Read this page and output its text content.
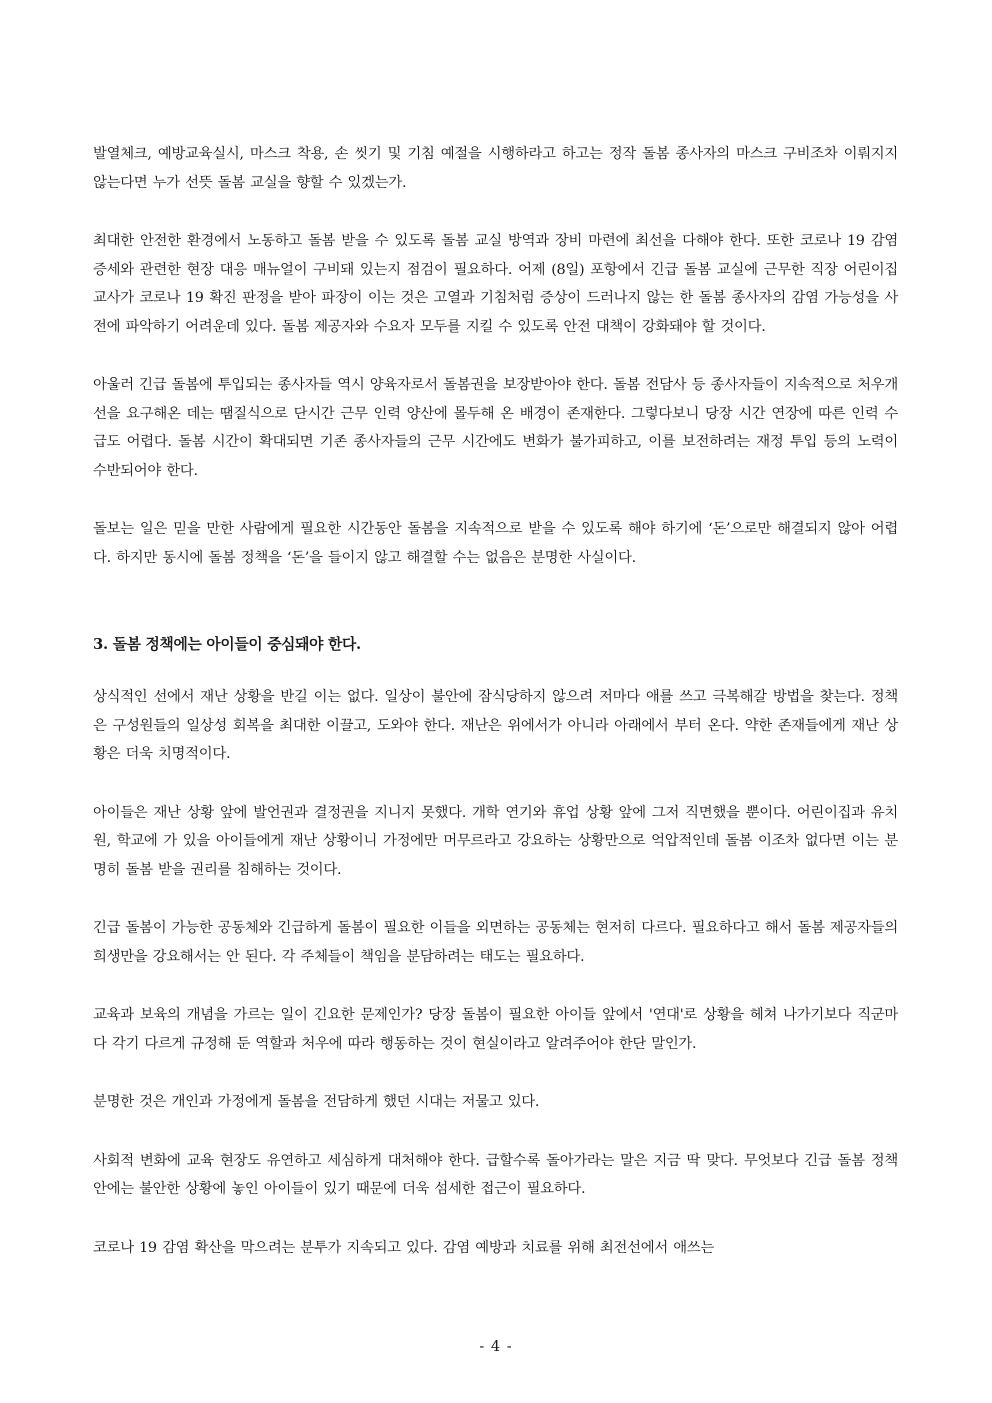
발열체크, 예방교육실시, 마스크 착용, 손 씻기 및 기침 예절을 시행하라고 하고는 정작 돌봄 종사자의 마스크 구비조차 이뤄지지 않는다면 누가 선뜻 돌봄 교실을 향할 수 있겠는가.

최대한 안전한 환경에서 노동하고 돌봄 받을 수 있도록 돌봄 교실 방역과 장비 마련에 최선을 다해야 한다. 또한 코로나 19 감염 증세와 관련한 현장 대응 매뉴얼이 구비돼 있는지 점검이 필요하다. 어제 (8일) 포항에서 긴급 돌봄 교실에 근무한 직장 어린이집 교사가 코로나 19 확진 판정을 받아 파장이 이는 것은 고열과 기침처럼 증상이 드러나지 않는 한 돌봄 종사자의 감염 가능성을 사전에 파악하기 어려운데 있다. 돌봄 제공자와 수요자 모두를 지킬 수 있도록 안전 대책이 강화돼야 할 것이다.

아울러 긴급 돌봄에 투입되는 종사자들 역시 양육자로서 돌봄권을 보장받아야 한다. 돌봄 전담사 등 종사자들이 지속적으로 처우개선을 요구해온 데는 땜질식으로 단시간 근무 인력 양산에 몰두해 온 배경이 존재한다. 그렇다보니 당장 시간 연장에 따른 인력 수급도 어렵다. 돌봄 시간이 확대되면 기존 종사자들의 근무 시간에도 변화가 불가피하고, 이를 보전하려는 재정 투입 등의 노력이 수반되어야 한다.

돌보는 일은 믿을 만한 사람에게 필요한 시간동안 돌봄을 지속적으로 받을 수 있도록 해야 하기에 ‘돈’으로만 해결되지 않아 어렵다. 하지만 동시에 돌봄 정책을 ‘돈’을 들이지 않고 해결할 수는 없음은 분명한 사실이다.

3. 돌봄 정책에는 아이들이 중심돼야 한다.

상식적인 선에서 재난 상황을 반길 이는 없다. 일상이 불안에 잠식당하지 않으려 저마다 애를 쓰고 극복해갈 방법을 찾는다. 정책은 구성원들의 일상성 회복을 최대한 이끌고, 도와야 한다. 재난은 위에서가 아니라 아래에서 부터 온다. 약한 존재들에게 재난 상황은 더욱 치명적이다.

아이들은 재난 상황 앞에 발언권과 결정권을 지니지 못했다. 개학 연기와 휴업 상황 앞에 그저 직면했을 뿐이다. 어린이집과 유치원, 학교에 가 있을 아이들에게 재난 상황이니 가정에만 머무르라고 강요하는 상황만으로 억압적인데 돌봄 이조차 없다면 이는 분명히 돌봄 받을 권리를 침해하는 것이다.

긴급 돌봄이 가능한 공동체와 긴급하게 돌봄이 필요한 이들을 외면하는 공동체는 현저히 다르다. 필요하다고 해서 돌봄 제공자들의 희생만을 강요해서는 안 된다. 각 주체들이 책임을 분담하려는 태도는 필요하다.

교육과 보육의 개념을 가르는 일이 긴요한 문제인가? 당장 돌봄이 필요한 아이들 앞에서 '연대'로 상황을 헤쳐 나가기보다 직군마다 각기 다르게 규정해 둔 역할과 처우에 따라 행동하는 것이 현실이라고 알려주어야 한단 말인가.

분명한 것은 개인과 가정에게 돌봄을 전담하게 했던 시대는 저물고 있다.

사회적 변화에 교육 현장도 유연하고 세심하게 대처해야 한다. 급할수록 돌아가라는 말은 지금 딱 맞다. 무엇보다 긴급 돌봄 정책 안에는 불안한 상황에 놓인 아이들이 있기 때문에 더욱 섬세한 접근이 필요하다.

코로나 19 감염 확산을 막으려는 분투가 지속되고 있다. 감염 예방과 치료를 위해 최전선에서 애쓰는

- 4 -
